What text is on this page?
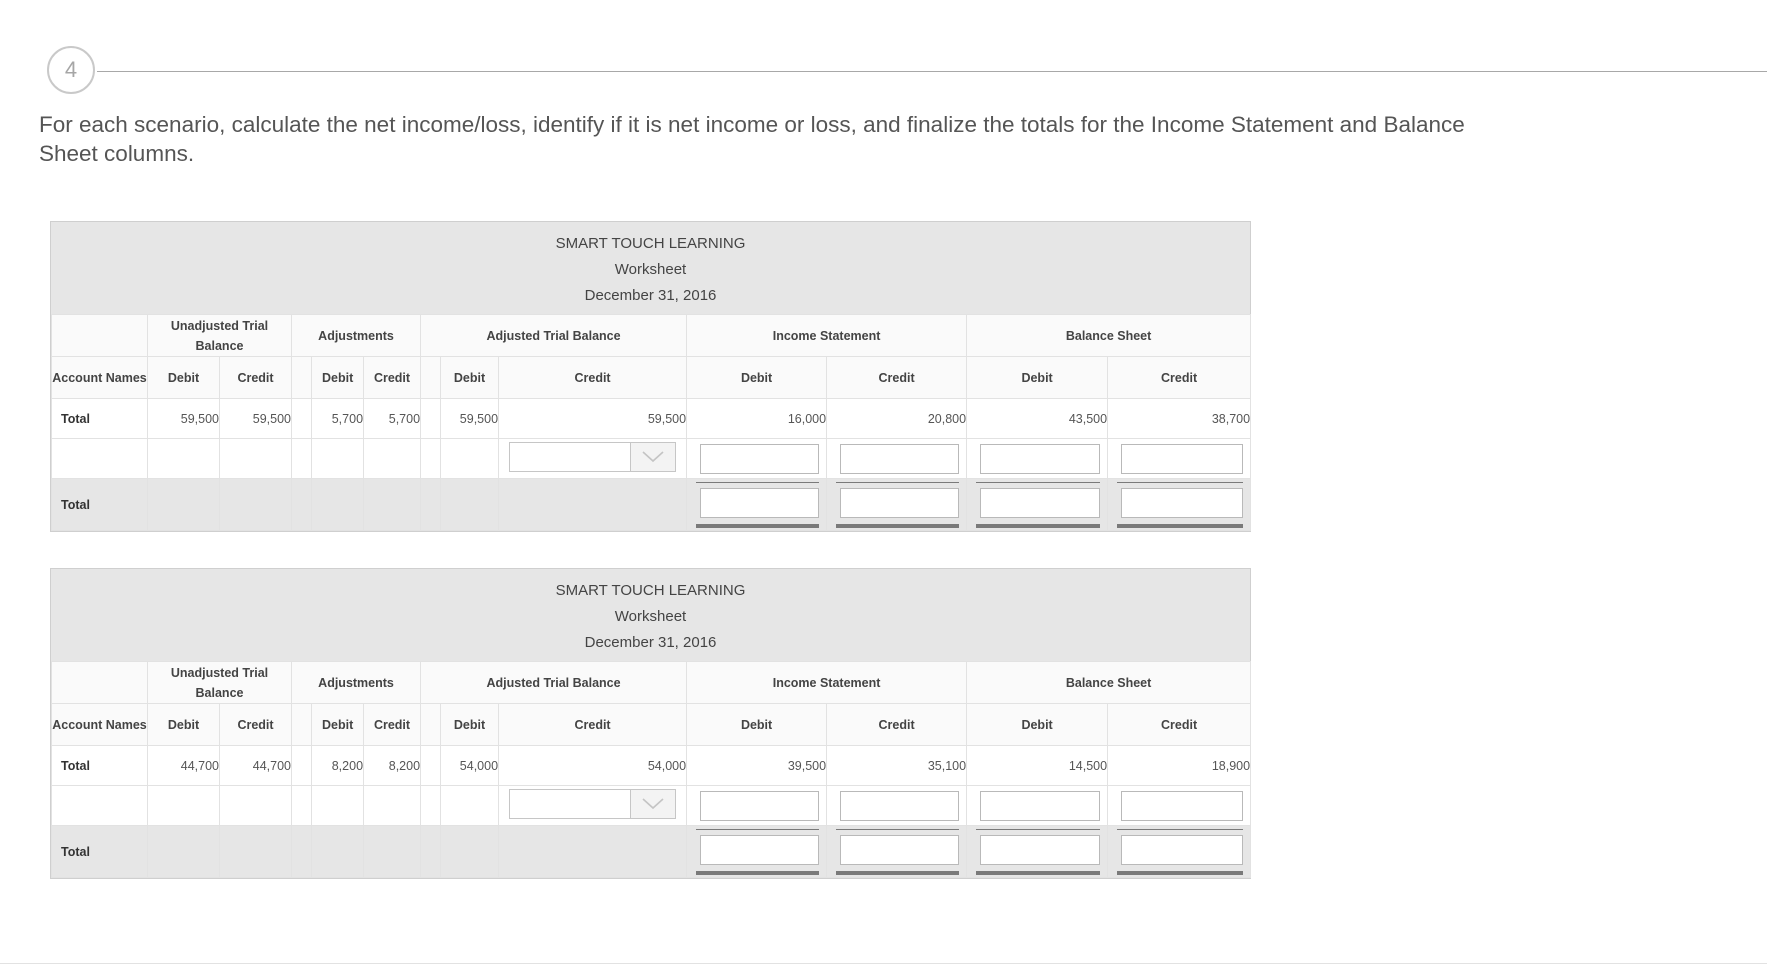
4
For each scenario, calculate the net income/loss, identify if it is net income or loss, and finalize the totals for the Income Statement and Balance Sheet columns.
SMART TOUCH LEARNING
Worksheet
December 31, 2016
	Unadjusted Trial Balance		Adjustments			Adjusted Trial Balance			Income Statement		Balance Sheet	
Account Names	Debit	Credit		Debit	Credit		Debit	Credit	Debit	Credit	Debit	Credit
Total	59,500	59,500		5,700	5,700		59,500	59,500	16,000	20,800	43,500	38,700

Total									

SMART TOUCH LEARNING
Worksheet
December 31, 2016
	Unadjusted Trial Balance		Adjustments			Adjusted Trial Balance			Income Statement		Balance Sheet	
Account Names	Debit	Credit		Debit	Credit		Debit	Credit	Debit	Credit	Debit	Credit
Total	44,700	44,700		8,200	8,200		54,000	54,000	39,500	35,100	14,500	18,900

Total									
